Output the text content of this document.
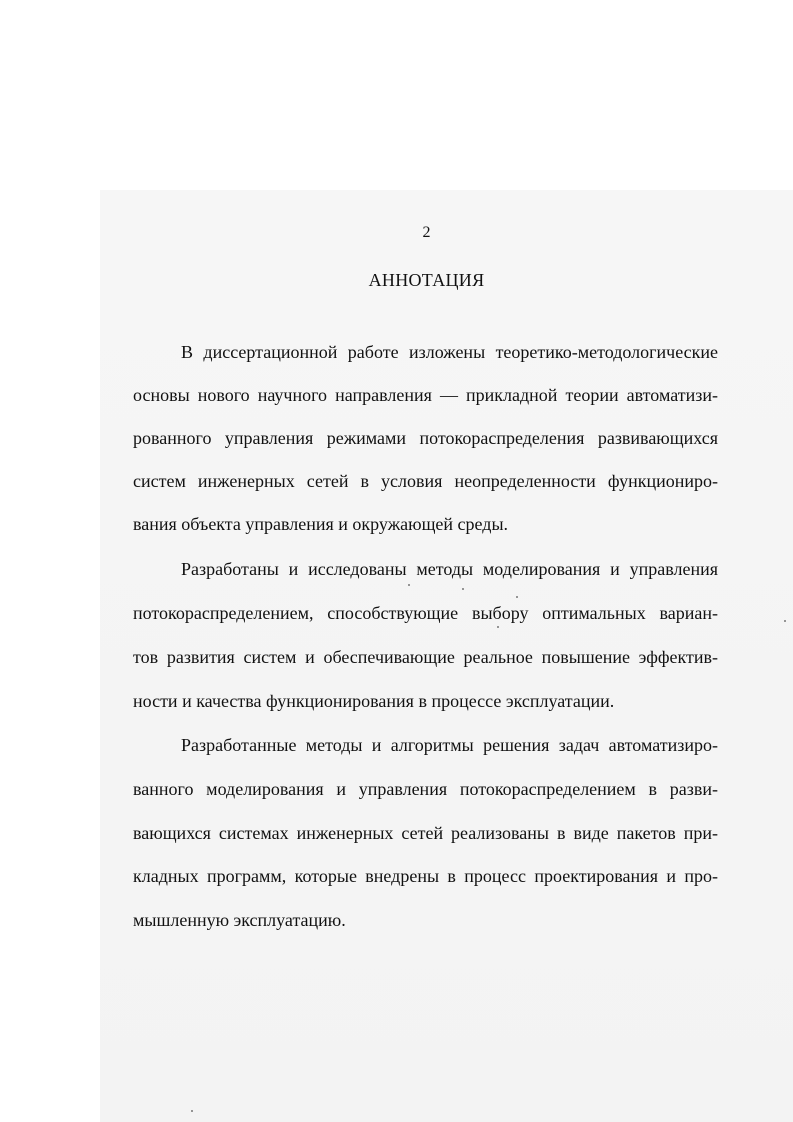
2
АННОТАЦИЯ
В диссертационной работе изложены теоретико-методологические
основы нового научного направления — прикладной теории автоматизи-
рованного управления режимами потокораспределения развивающихся
систем инженерных сетей в условия неопределенности функциониро-
вания объекта управления и окружающей среды.
Разработаны и исследованы методы моделирования и управления
потокораспределением, способствующие выбору оптимальных вариан-
тов развития систем и обеспечивающие реальное повышение эффектив-
ности и качества функционирования в процессе эксплуатации.
Разработанные методы и алгоритмы решения задач автоматизиро-
ванного моделирования и управления потокораспределением в разви-
вающихся системах инженерных сетей реализованы в виде пакетов при-
кладных программ, которые внедрены в процесс проектирования и про-
мышленную эксплуатацию.
